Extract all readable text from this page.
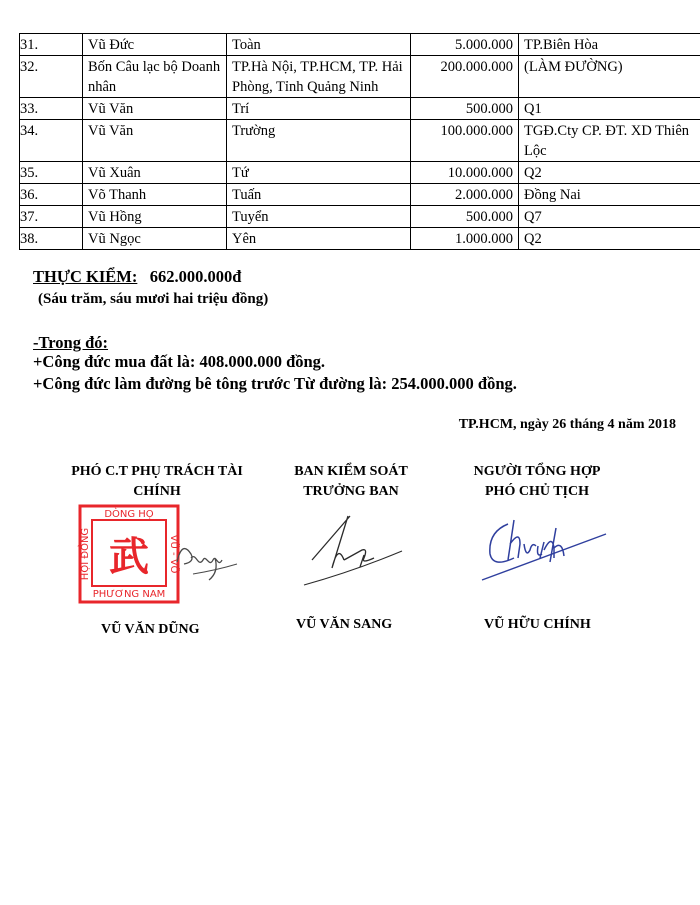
31.	Vũ Đức	Toàn	5.000.000	TP.Biên Hòa
32.	Bốn Câu lạc bộ Doanh nhân	TP.Hà Nội, TP.HCM, TP. Hải Phòng, Tỉnh Quảng Ninh	200.000.000	(LÀM ĐƯỜNG)
33.	Vũ Văn	Trí	500.000	Q1
34.	Vũ Văn	Trường	100.000.000	TGĐ.Cty CP. ĐT. XD Thiên Lộc
35.	Vũ Xuân	Tứ	10.000.000	Q2
36.	Võ Thanh	Tuấn	2.000.000	Đồng Nai
37.	Vũ Hồng	Tuyển	500.000	Q7
38.	Vũ Ngọc	Yên	1.000.000	Q2
THỰC KIỂM: 662.000.000đ
(Sáu trăm, sáu mươi hai triệu đồng)
-Trong đó:
+Công đức mua đất là: 408.000.000 đồng.
+Công đức làm đường bê tông trước Từ đường là: 254.000.000 đồng.
TP.HCM, ngày 26 tháng 4 năm 2018
PHÓ C.T PHỤ TRÁCH TÀI
CHÍNH
DÒNG HỌ
PHƯƠNG NAM
HỘI ĐỒNG	VŨ - VÕ
武
VŨ VĂN DŨNG
BAN KIỂM SOÁT
TRƯỞNG BAN
VŨ VĂN SANG
NGƯỜI TỔNG HỢP
PHÓ CHỦ TỊCH
VŨ HỮU CHÍNH
